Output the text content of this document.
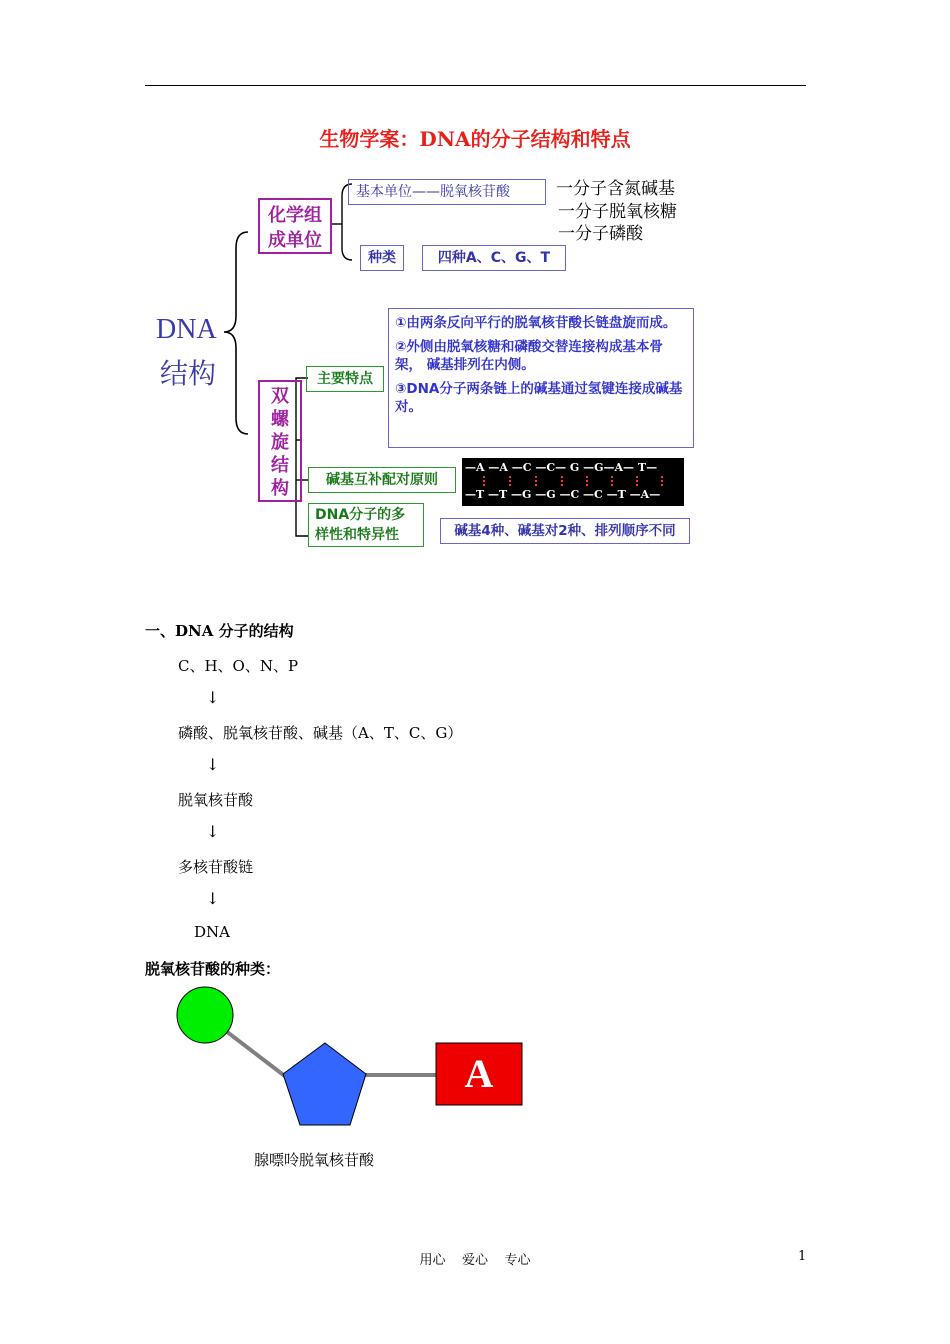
生物学案：DNA的分子结构和特点
DNA
结构
化学组成单位
基本单位——脱氧核苷酸	一分子含氮碱基
一分子脱氧核糖
一分子磷酸
种类	四种A、C、G、T
双螺旋结构
主要特点

①由两条反向平行的脱氧核苷酸长链盘旋而成。

②外侧由脱氧核糖和磷酸交替连接构成基本骨架， 碱基排列在内侧。

③DNA分子两条链上的碱基通过氢键连接成碱基对。

碱基互补配对原则
—A —A —C —C— G —G—A— T—
—T —T —G —G —C —C —T —A—
DNA分子的多样性和特异性	碱基4种、碱基对2种、排列顺序不同
一、DNA 分子的结构
C、H、O、N、P
↓
磷酸、脱氧核苷酸、碱基（A、T、C、G）
↓
脱氧核苷酸
↓
多核苷酸链
↓
DNA
脱氧核苷酸的种类：
A
腺嘌呤脱氧核苷酸
用心    爱心    专心	1
